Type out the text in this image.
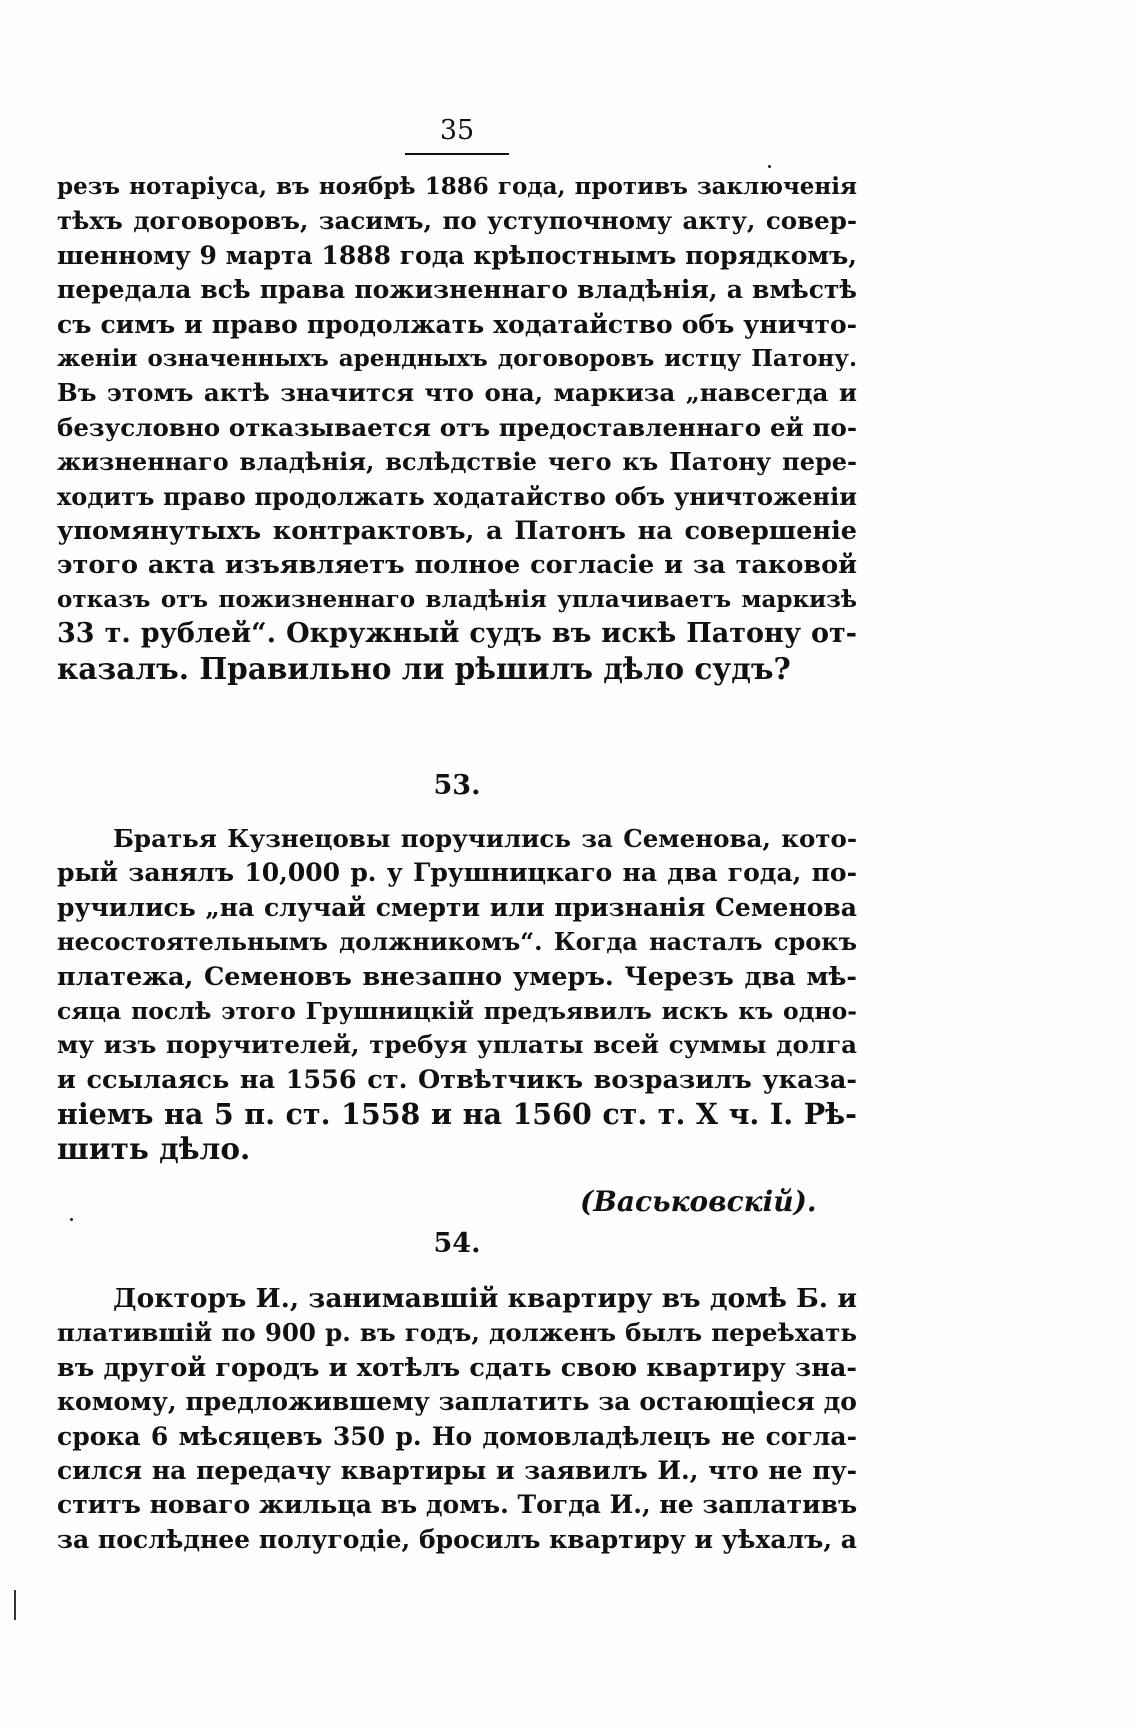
35
резъ нотаріуса, въ ноябрѣ 1886 года, противъ заключенія
тѣхъ договоровъ, засимъ, по уступочному акту, совер-
шенному 9 марта 1888 года крѣпостнымъ порядкомъ,
передала всѣ права пожизненнаго владѣнія, а вмѣстѣ
съ симъ и право продолжать ходатайство объ уничто-
женіи означенныхъ арендныхъ договоровъ истцу Патону.
Въ этомъ актѣ значится что она, маркиза „навсегда и
безусловно отказывается отъ предоставленнаго ей по-
жизненнаго владѣнія, вслѣдствіе чего къ Патону пере-
ходитъ право продолжать ходатайство объ уничтоженіи
упомянутыхъ контрактовъ, а Патонъ на совершеніе
этого акта изъявляетъ полное согласіе и за таковой
отказъ отъ пожизненнаго владѣнія уплачиваетъ маркизѣ
33 т. рублей“. Окружный судъ въ искѣ Патону от-
казалъ. Правильно ли рѣшилъ дѣло судъ?
53.
Братья Кузнецовы поручились за Семенова, кото-
рый занялъ 10,000 р. у Грушницкаго на два года, по-
ручились „на случай смерти или признанія Семенова
несостоятельнымъ должникомъ“. Когда насталъ срокъ
платежа, Семеновъ внезапно умеръ. Черезъ два мѣ-
сяца послѣ этого Грушницкій предъявилъ искъ къ одно-
му изъ поручителей, требуя уплаты всей суммы долга
и ссылаясь на 1556 ст. Отвѣтчикъ возразилъ указа-
ніемъ на 5 п. ст. 1558 и на 1560 ст. т. X ч. I. Рѣ-
шить дѣло.
(Васьковскій).
54.
Докторъ И., занимавшій квартиру въ домѣ Б. и
платившій по 900 р. въ годъ, долженъ былъ переѣхать
въ другой городъ и хотѣлъ сдать свою квартиру зна-
комому, предложившему заплатить за остающіеся до
срока 6 мѣсяцевъ 350 р. Но домовладѣлецъ не согла-
сился на передачу квартиры и заявилъ И., что не пу-
ститъ новаго жильца въ домъ. Тогда И., не заплативъ
за послѣднее полугодіе, бросилъ квартиру и уѣхалъ, а
